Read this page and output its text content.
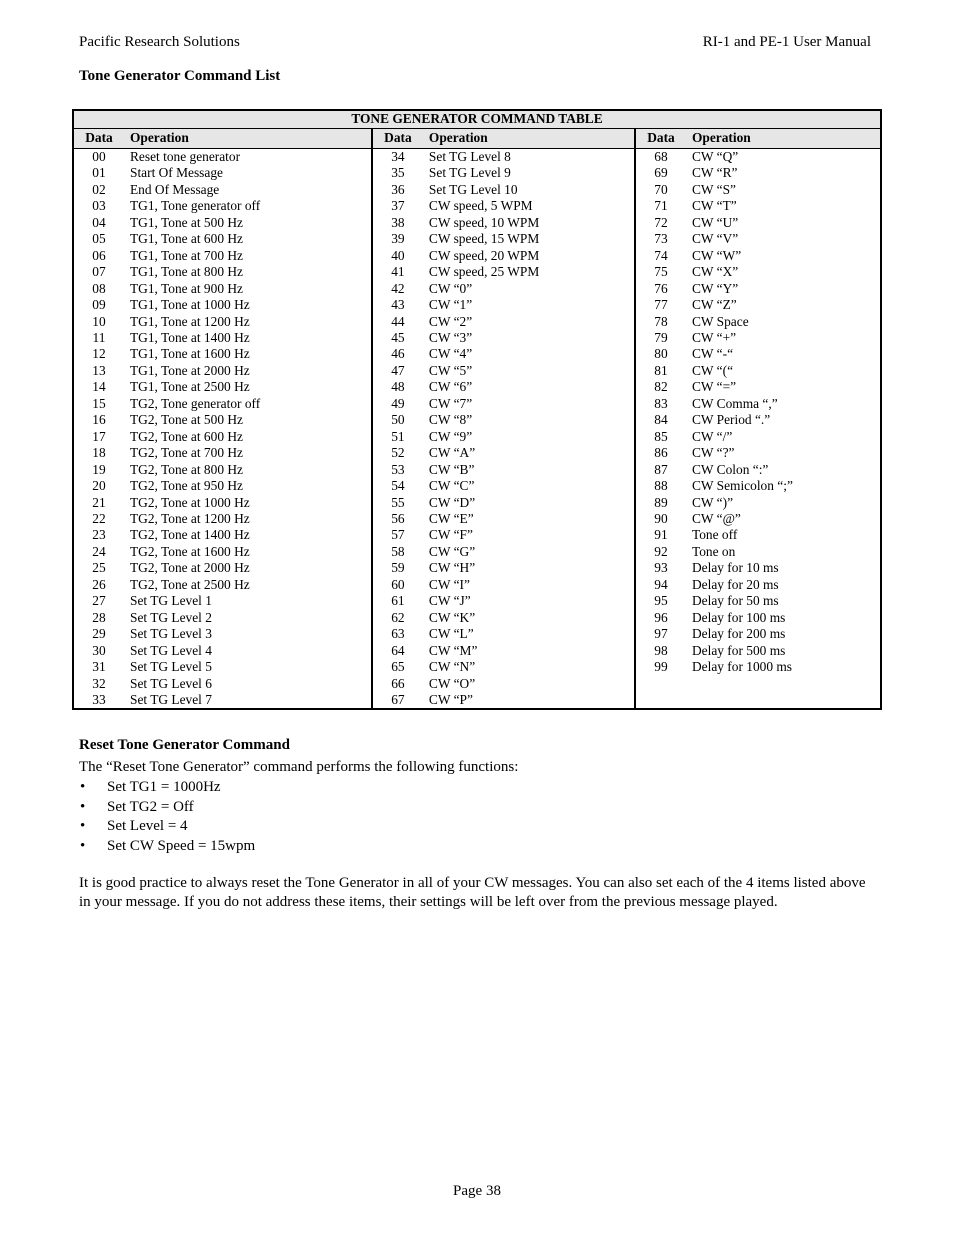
Pacific Research Solutions	RI-1 and PE-1 User Manual
Tone Generator Command List
TONE GENERATOR COMMAND TABLE					
Data	Operation	Data	Operation	Data	Operation
00	Reset tone generator	34	Set TG Level 8	68	CW “Q”
01	Start Of Message	35	Set TG Level 9	69	CW “R”
02	End Of Message	36	Set TG Level 10	70	CW “S”
03	TG1, Tone generator off	37	CW speed, 5 WPM	71	CW “T”
04	TG1, Tone at 500 Hz	38	CW speed, 10 WPM	72	CW “U”
05	TG1, Tone at 600 Hz	39	CW speed, 15 WPM	73	CW “V”
06	TG1, Tone at 700 Hz	40	CW speed, 20 WPM	74	CW “W”
07	TG1, Tone at 800 Hz	41	CW speed, 25 WPM	75	CW “X”
08	TG1, Tone at 900 Hz	42	CW “0”	76	CW “Y”
09	TG1, Tone at 1000 Hz	43	CW “1”	77	CW “Z”
10	TG1, Tone at 1200 Hz	44	CW “2”	78	CW Space
11	TG1, Tone at 1400 Hz	45	CW “3”	79	CW “+”
12	TG1, Tone at 1600 Hz	46	CW “4”	80	CW “-“
13	TG1, Tone at 2000 Hz	47	CW “5”	81	CW “(“
14	TG1, Tone at 2500 Hz	48	CW “6”	82	CW “=”
15	TG2, Tone generator off	49	CW “7”	83	CW Comma “,”
16	TG2, Tone at 500 Hz	50	CW “8”	84	CW Period “.”
17	TG2, Tone at 600 Hz	51	CW “9”	85	CW “/”
18	TG2, Tone at 700 Hz	52	CW “A”	86	CW “?”
19	TG2, Tone at 800 Hz	53	CW “B”	87	CW Colon “:”
20	TG2, Tone at 950 Hz	54	CW “C”	88	CW Semicolon “;”
21	TG2, Tone at 1000 Hz	55	CW “D”	89	CW “)”
22	TG2, Tone at 1200 Hz	56	CW “E”	90	CW “@”
23	TG2, Tone at 1400 Hz	57	CW “F”	91	Tone off
24	TG2, Tone at 1600 Hz	58	CW “G”	92	Tone on
25	TG2, Tone at 2000 Hz	59	CW “H”	93	Delay for 10 ms
26	TG2, Tone at 2500 Hz	60	CW “I”	94	Delay for 20 ms
27	Set TG Level 1	61	CW “J”	95	Delay for 50 ms
28	Set TG Level 2	62	CW “K”	96	Delay for 100 ms
29	Set TG Level 3	63	CW “L”	97	Delay for 200 ms
30	Set TG Level 4	64	CW “M”	98	Delay for 500 ms
31	Set TG Level 5	65	CW “N”	99	Delay for 1000 ms
32	Set TG Level 6	66	CW “O”		
33	Set TG Level 7	67	CW “P”		
Reset Tone Generator Command
The “Reset Tone Generator” command performs the following functions:
• Set TG1 = 1000Hz
• Set TG2 = Off
• Set Level = 4
• Set CW Speed = 15wpm
It is good practice to always reset the Tone Generator in all of your CW messages. You can also set each of the 4 items listed above in your message. If you do not address these items, their settings will be left over from the previous message played.
Page 38
